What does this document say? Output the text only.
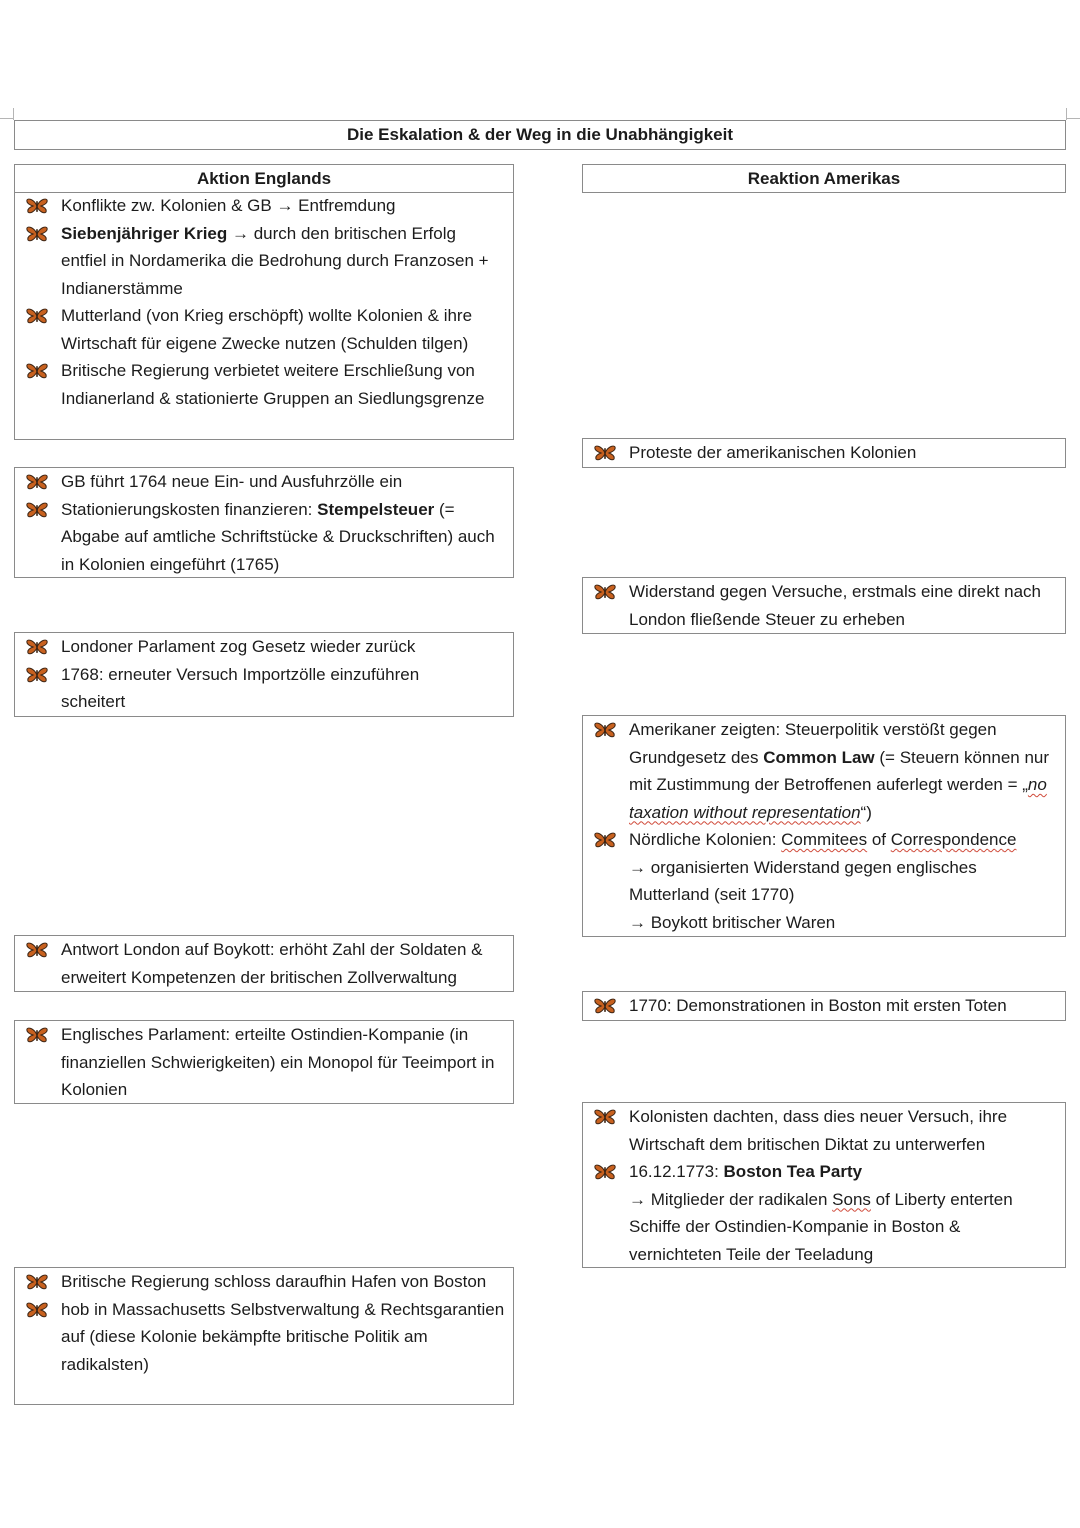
Die Eskalation & der Weg in die Unabhängigkeit
Aktion Englands	Reaktion Amerikas
Konflikte zw. Kolonien & GB → Entfremdung
Siebenjähriger Krieg → durch den britischen Erfolg entfiel in Nordamerika die Bedrohung durch Franzosen + Indianerstämme
Mutterland (von Krieg erschöpft) wollte Kolonien & ihre Wirtschaft für eigene Zwecke nutzen (Schulden tilgen)
Britische Regierung verbietet weitere Erschließung von Indianerland & stationierte Gruppen an Siedlungsgrenze
Proteste der amerikanischen Kolonien
GB führt 1764 neue Ein- und Ausfuhrzölle ein
Stationierungskosten finanzieren: Stempelsteuer (= Abgabe auf amtliche Schriftstücke & Druckschriften) auch in Kolonien eingeführt (1765)
Widerstand gegen Versuche, erstmals eine direkt nach London fließende Steuer zu erheben
Londoner Parlament zog Gesetz wieder zurück
1768: erneuter Versuch Importzölle einzuführen scheitert
Amerikaner zeigten: Steuerpolitik verstößt gegen Grundgesetz des Common Law (= Steuern können nur mit Zustimmung der Betroffenen auferlegt werden = „no taxation without representation“)
Nördliche Kolonien: Commitees of Correspondence
→ organisierten Widerstand gegen englisches Mutterland (seit 1770)
→ Boykott britischer Waren
Antwort London auf Boykott: erhöht Zahl der Soldaten & erweitert Kompetenzen der britischen Zollverwaltung
1770: Demonstrationen in Boston mit ersten Toten
Englisches Parlament: erteilte Ostindien-Kompanie (in finanziellen Schwierigkeiten) ein Monopol für Teeimport in Kolonien
Kolonisten dachten, dass dies neuer Versuch, ihre Wirtschaft dem britischen Diktat zu unterwerfen
16.12.1773: Boston Tea Party
→ Mitglieder der radikalen Sons of Liberty enterten Schiffe der Ostindien-Kompanie in Boston & vernichteten Teile der Teeladung
Britische Regierung schloss daraufhin Hafen von Boston
hob in Massachusetts Selbstverwaltung & Rechtsgarantien auf (diese Kolonie bekämpfte britische Politik am radikalsten)
